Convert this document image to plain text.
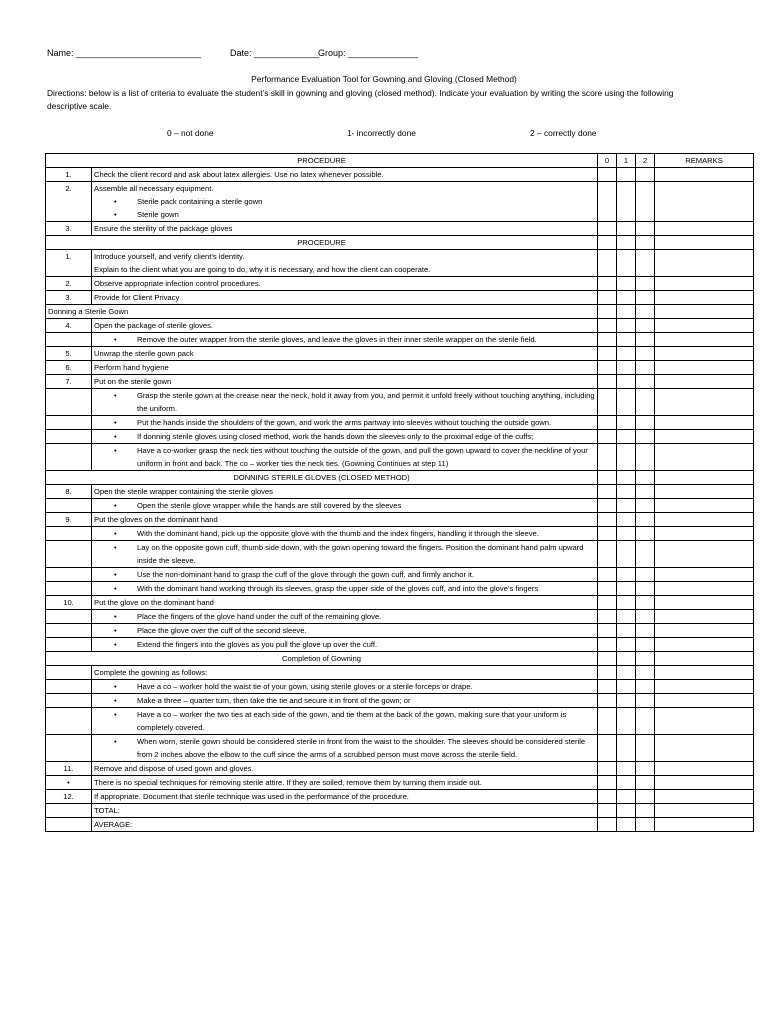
Name: _________________________

	Date: _____________

Group: ______________

Performance Evaluation Tool for Gowning and Gloving (Closed Method)
Directions: below is a list of criteria to evaluate the student’s skill in gowning and gloving (closed method). Indicate your evaluation by writing the score using the following descriptive scale.
0 – not done	1- incorrectly done	2 – correctly done
PROCEDURE		0	1	2	REMARKS
1.	Check the client record and ask about latex allergies. Use no latex whenever possible.				
2.	Assemble all necessary equipment.
• Sterile pack containing a sterile gown
• Sterile gown				

3.	Ensure the sterility of the package gloves				
PROCEDURE					
1.	Introduce yourself, and verify client’s identity.
Explain to the client what you are going to do, why it is necessary, and how the client can cooperate.				

2.	Observe appropriate infection control procedures.				
3.	Provide for Client Privacy				
Donning a Sterile Gown					
4.	Open the package of sterile gloves.				

	• Remove the outer wrapper from the sterile gloves, and leave the gloves in their inner sterile wrapper on the sterile field.				

5.	Unwrap the sterile gown pack				
6.	Perform hand hygiene				
7.	Put on the sterile gown				

	• Grasp the sterile gown at the crease near the neck, hold it away from you, and permit it unfold freely without touching anything, including the uniform.				

	• Put the hands inside the shoulders of the gown, and work the arms partway into sleeves without touching the outside gown.				

	• If donning sterile gloves using closed method, work the hands down the sleeves only to the proximal edge of the cuffs;				

	• Have a co-worker grasp the neck ties without touching the outside of the gown, and pull the gown upward to cover the neckline of your uniform in front and back. The co – worker ties the neck ties. (Gowning Continues at step 11)				

DONNING STERILE GLOVES (CLOSED METHOD)					
8.	Open the sterile wrapper containing the sterile gloves				

	• Open the sterile glove wrapper while the hands are still covered by the sleeves				

9.	Put the gloves on the dominant hand				

	• With the dominant hand, pick up the opposite glove with the thumb and the index fingers, handling it through the sleeve.				

	• Lay on the opposite gown cuff, thumb side down, with the gown opening toward the fingers. Position the dominant hand palm upward inside the sleeve.				

	• Use the non-dominant hand to grasp the cuff of the glove through the gown cuff, and firmly anchor it.				

	• With the dominant hand working through its sleeves, grasp the upper side of the gloves cuff, and into the glove’s fingers				

10.	Put the glove on the dominant hand				

	• Place the fingers of the glove hand under the cuff of the remaining glove.				

	• Place the glove over the cuff of the second sleeve.				

	• Extend the fingers into the gloves as you pull the glove up over the cuff.				

Completion of Gowning					
	Complete the gowning as follows:				

	• Have a co – worker hold the waist tie of your gown, using sterile gloves or a sterile forceps or drape.				

	• Make a three – quarter turn, then take the tie and secure it in front of the gown; or				

	• Have a co – worker the two ties at each side of the gown, and tie them at the back of the gown, making sure that your uniform is completely covered.				

	• When worn, sterile gown should be considered sterile in front from the waist to the shoulder. The sleeves should be considered sterile from 2 inches above the elbow to the cuff since the arms of a scrubbed person must move across the sterile field.				

11.	Remove and dispose of used gown and gloves.				
•	There is no special techniques for removing sterile attire. If they are soiled, remove them by turning them inside out.				
12.	If appropriate. Document that sterile technique was used in the performance of the procedure.				
	TOTAL:				
	AVERAGE:				
